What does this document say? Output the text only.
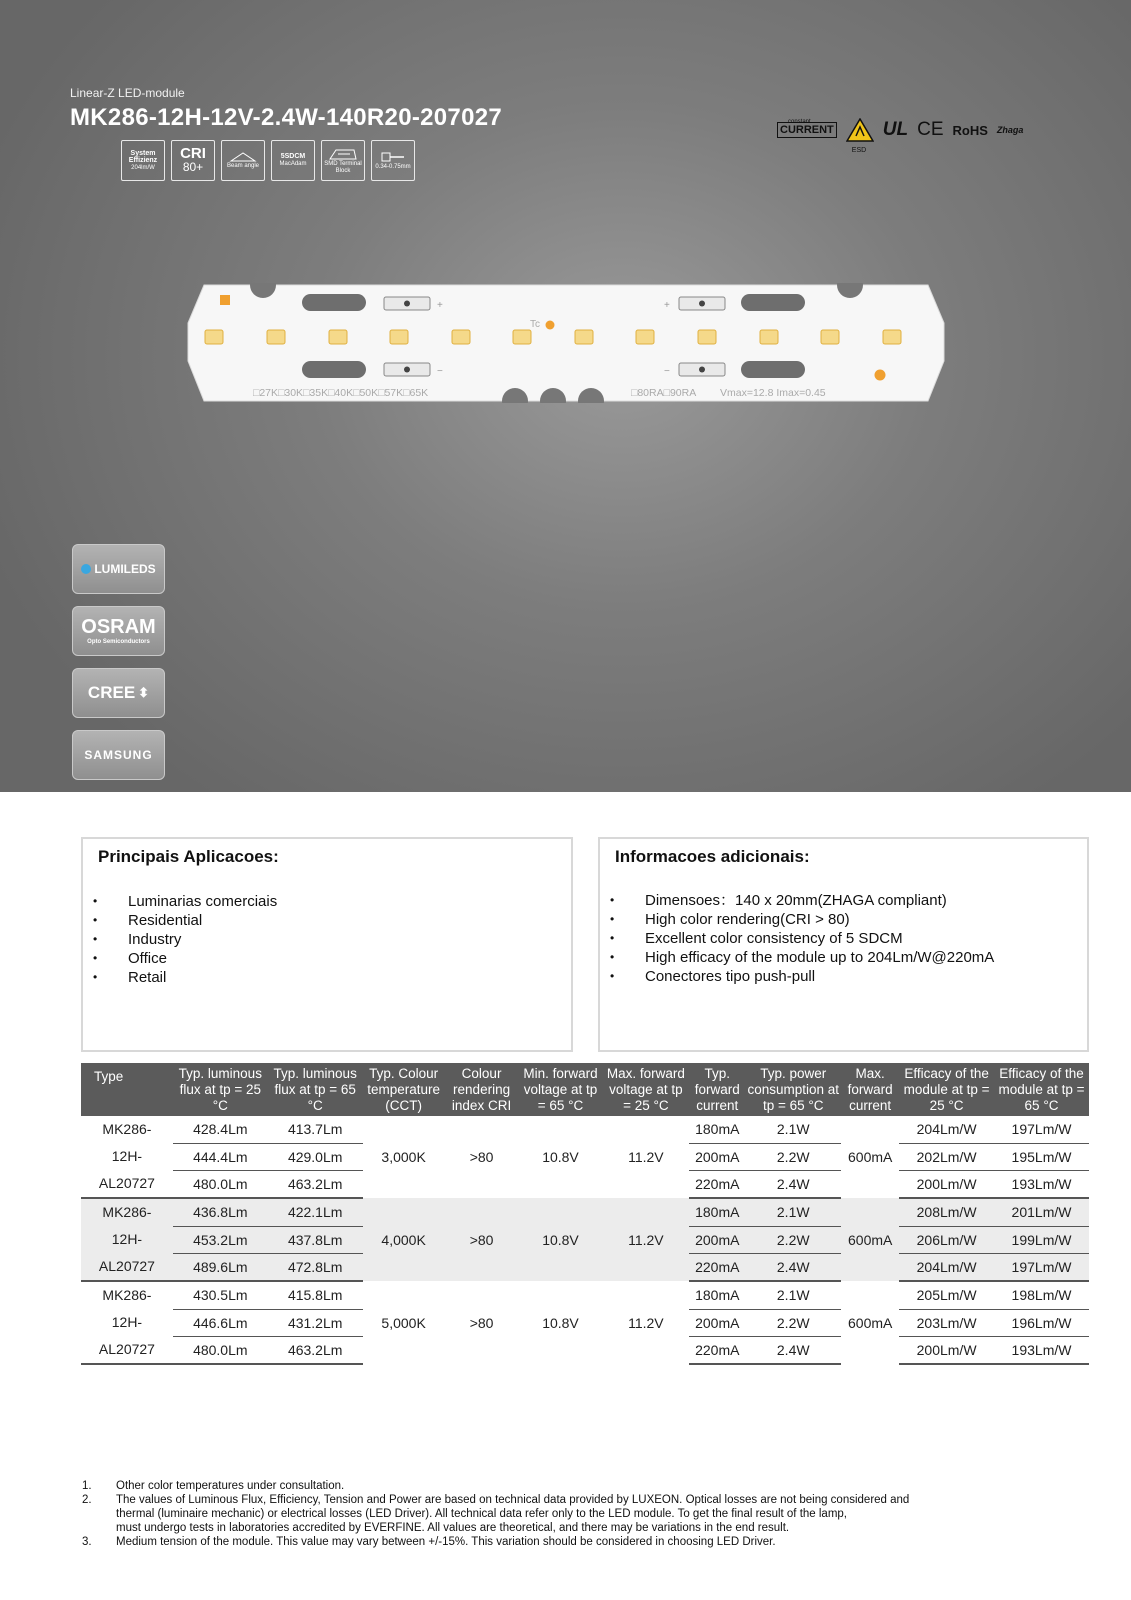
Linear-Z LED-module
MK286-12H-12V-2.4W-140R20-207027
System Effizienz
204lm/W
CRI
80+	Beam angle
5SDCM
MacAdam	SMD Terminal Block
0.34-0.75mm
constant
CURRENT
ESD
UL CE RoHS Zhaga
+	+
−	−
Tc
□27K□30K□35K□40K□50K□57K□65K	□80RA□90RA Vmax=12.8 Imax=0.45
LUMILEDS
OSRAM
Opto Semiconductors
CREE ⬍
SAMSUNG
Principais Aplicacoes:
• Luminarias comerciais
• Residential
• Industry
• Office
• Retail
Informacoes adicionais:
• Dimensoes：140 x 20mm(ZHAGA compliant)
• High color rendering(CRI > 80)
• Excellent color consistency of 5 SDCM
• High efficacy of the module up to 204Lm/W@220mA
• Conectores tipo push-pull
Type	Typ. luminous flux at tp = 25 °C	Typ. luminous flux at tp = 65 °C	Typ. Colour temperature (CCT)	Colour rendering index CRI	Min. forward voltage at tp = 65 °C	Max. forward voltage at tp = 25 °C	Typ. forward current	Typ. power consumption at tp = 65 °C	Max. forward current	Efficacy of the module at tp = 25 °C	Efficacy of the module at tp = 65 °C
MK286-	428.4Lm	413.7Lm	3,000K	>80	10.8V	11.2V	180mA	2.1W	600mA	204Lm/W	197Lm/W
12H-	444.4Lm	429.0Lm					200mA	2.2W		202Lm/W	195Lm/W
AL20727	480.0Lm	463.2Lm					220mA	2.4W		200Lm/W	193Lm/W
MK286-	436.8Lm	422.1Lm	4,000K	>80	10.8V	11.2V	180mA	2.1W	600mA	208Lm/W	201Lm/W
12H-	453.2Lm	437.8Lm					200mA	2.2W		206Lm/W	199Lm/W
AL20727	489.6Lm	472.8Lm					220mA	2.4W		204Lm/W	197Lm/W
MK286-	430.5Lm	415.8Lm	5,000K	>80	10.8V	11.2V	180mA	2.1W	600mA	205Lm/W	198Lm/W
12H-	446.6Lm	431.2Lm					200mA	2.2W		203Lm/W	196Lm/W
AL20727	480.0Lm	463.2Lm					220mA	2.4W		200Lm/W	193Lm/W
1.	Other color temperatures under consultation.
2.	The values of Luminous Flux, Efficiency, Tension and Power are based on technical data provided by LUXEON. Optical losses are not being considered and
thermal (luminaire mechanic) or electrical losses (LED Driver). All technical data refer only to the LED module. To get the final result of the lamp,
must undergo tests in laboratories accredited by EVERFINE. All values are theoretical, and there may be variations in the end result.
3.	Medium tension of the module. This value may vary between +/-15%. This variation should be considered in choosing LED Driver.
